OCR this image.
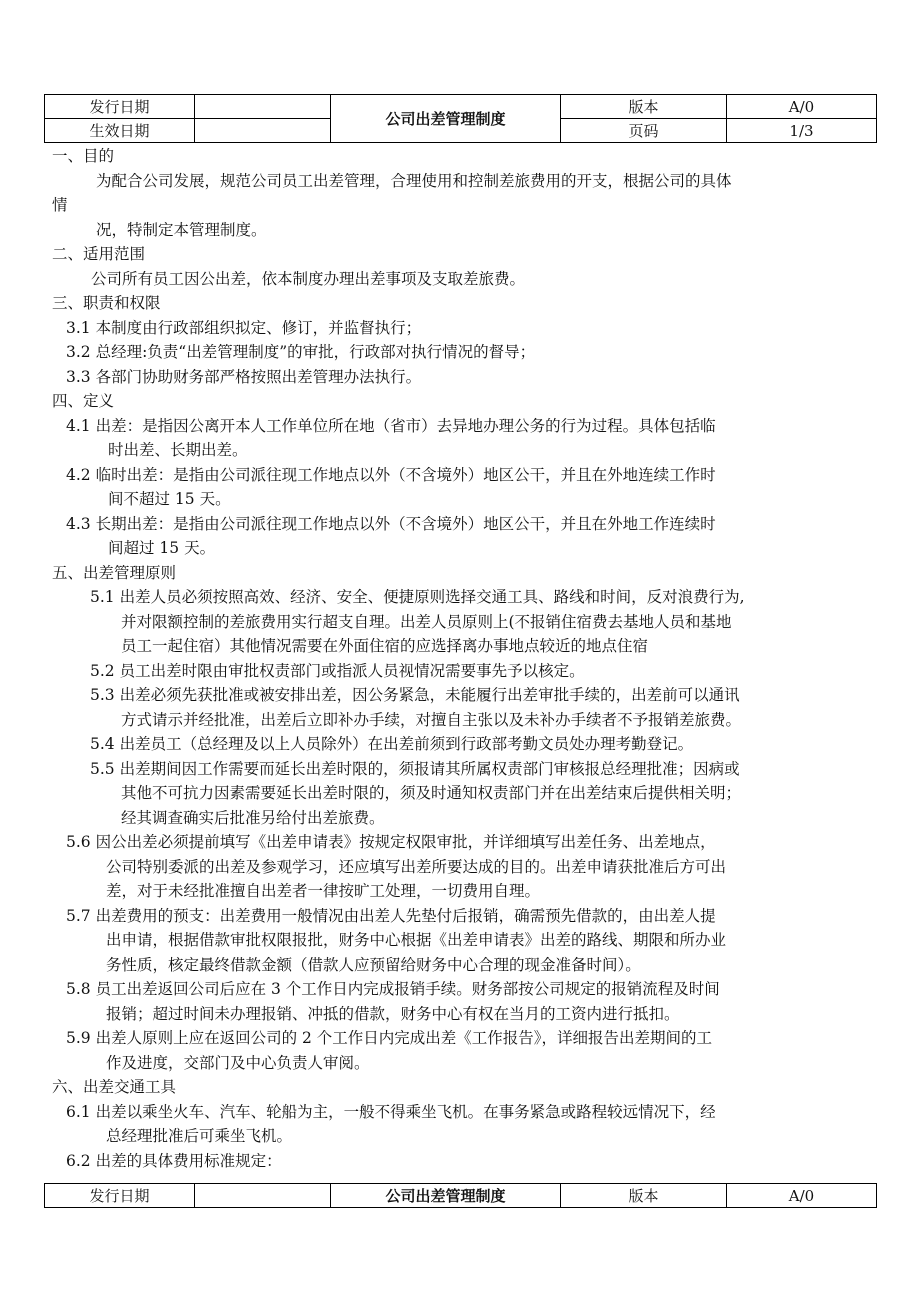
发行日期		公司出差管理制度	版本	A/0
生效日期			页码	1/3
一、目的
为配合公司发展，规范公司员工出差管理，合理使用和控制差旅费用的开支，根据公司的具体
情
况，特制定本管理制度。
二、适用范围
公司所有员工因公出差，依本制度办理出差事项及支取差旅费。
三、职责和权限
3.1 本制度由行政部组织拟定、修订，并监督执行；
3.2 总经理:负责“出差管理制度”的审批，行政部对执行情况的督导；
3.3 各部门协助财务部严格按照出差管理办法执行。
四、定义
4.1 出差：是指因公离开本人工作单位所在地（省市）去异地办理公务的行为过程。具体包括临
时出差、长期出差。
4.2 临时出差：是指由公司派往现工作地点以外（不含境外）地区公干，并且在外地连续工作时
间不超过 15 天。
4.3 长期出差：是指由公司派往现工作地点以外（不含境外）地区公干，并且在外地工作连续时
间超过 15 天。
五、出差管理原则
5.1 出差人员必须按照高效、经济、安全、便捷原则选择交通工具、路线和时间，反对浪费行为,
并对限额控制的差旅费用实行超支自理。出差人员原则上(不报销住宿费去基地人员和基地
员工一起住宿）其他情况需要在外面住宿的应选择离办事地点较近的地点住宿
5.2 员工出差时限由审批权责部门或指派人员视情况需要事先予以核定。
5.3 出差必须先获批准或被安排出差，因公务紧急，未能履行出差审批手续的，出差前可以通讯
方式请示并经批准，出差后立即补办手续，对擅自主张以及未补办手续者不予报销差旅费。
5.4 出差员工（总经理及以上人员除外）在出差前须到行政部考勤文员处办理考勤登记。
5.5 出差期间因工作需要而延长出差时限的，须报请其所属权责部门审核报总经理批准；因病或
其他不可抗力因素需要延长出差时限的，须及时通知权责部门并在出差结束后提供相关明；
经其调查确实后批准另给付出差旅费。
5.6 因公出差必须提前填写《出差申请表》按规定权限审批，并详细填写出差任务、出差地点，
公司特别委派的出差及参观学习，还应填写出差所要达成的目的。出差申请获批准后方可出
差，对于未经批准擅自出差者一律按旷工处理，一切费用自理。
5.7 出差费用的预支：出差费用一般情况由出差人先垫付后报销，确需预先借款的，由出差人提
出申请，根据借款审批权限报批，财务中心根据《出差申请表》出差的路线、期限和所办业
务性质，核定最终借款金额（借款人应预留给财务中心合理的现金准备时间）。
5.8 员工出差返回公司后应在 3 个工作日内完成报销手续。财务部按公司规定的报销流程及时间
报销；超过时间未办理报销、冲抵的借款，财务中心有权在当月的工资内进行抵扣。
5.9 出差人原则上应在返回公司的 2 个工作日内完成出差《工作报告》，详细报告出差期间的工
作及进度，交部门及中心负责人审阅。
六、出差交通工具
6.1 出差以乘坐火车、汽车、轮船为主，一般不得乘坐飞机。在事务紧急或路程较远情况下，经
总经理批准后可乘坐飞机。
6.2 出差的具体费用标准规定：
发行日期		公司出差管理制度	版本	A/0
